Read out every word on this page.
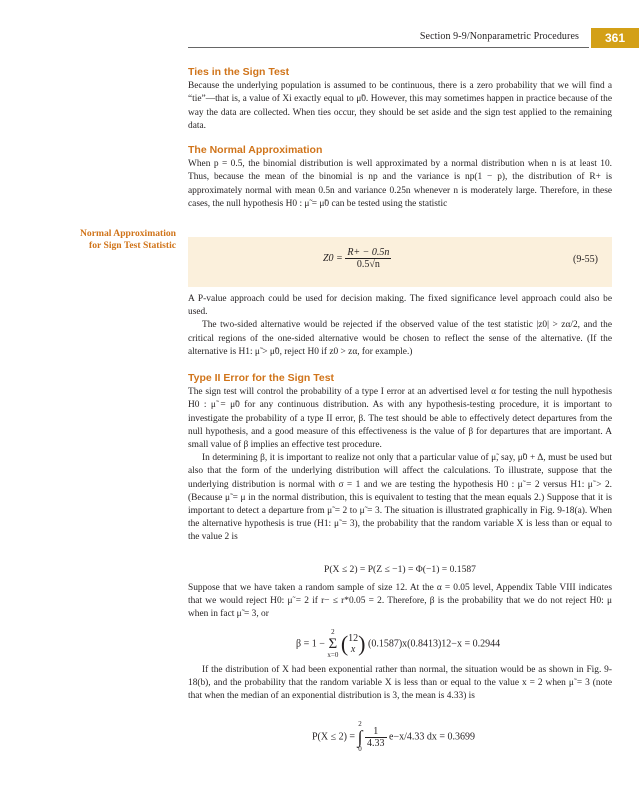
Section 9-9/Nonparametric Procedures	361
Ties in the Sign Test

Because the underlying population is assumed to be continuous, there is a zero probability that we will find a “tie”—that is, a value of Xi exactly equal to μ̃0. However, this may sometimes happen in practice because of the way the data are collected. When ties occur, they should be set aside and the sign test applied to the remaining data.

The Normal Approximation

When p = 0.5, the binomial distribution is well approximated by a normal distribution when n is at least 10. Thus, because the mean of the binomial is np and the variance is np(1 − p), the distribution of R+ is approximately normal with mean 0.5n and variance 0.25n whenever n is moderately large. Therefore, in these cases, the null hypothesis H0 : μ̃ = μ̃0 can be tested using the statistic

Normal Approximation
for Sign Test Statistic
$Z0 = \frac{R+ - 0.5n}{0.5√n}$	(9-55)

A P-value approach could be used for decision making. The fixed significance level approach could also be used.

The two-sided alternative would be rejected if the observed value of the test statistic |z0| > zα/2, and the critical regions of the one-sided alternative would be chosen to reflect the sense of the alternative. (If the alternative is H1: μ̃ > μ̃0, reject H0 if z0 > zα, for example.)

Type II Error for the Sign Test

The sign test will control the probability of a type I error at an advertised level α for testing the null hypothesis H0 : μ̃ = μ̃0 for any continuous distribution. As with any hypothesis-testing procedure, it is important to investigate the probability of a type II error, β. The test should be able to effectively detect departures from the null hypothesis, and a good measure of this effectiveness is the value of β for departures that are important. A small value of β implies an effective test procedure.

In determining β, it is important to realize not only that a particular value of μ̃, say, μ̃0 + Δ, must be used but also that the form of the underlying distribution will affect the calculations. To illustrate, suppose that the underlying distribution is normal with σ = 1 and we are testing the hypothesis H0 : μ̃ = 2 versus H1: μ̃ > 2. (Because μ̃ = μ in the normal distribution, this is equivalent to testing that the mean equals 2.) Suppose that it is important to detect a departure from μ̃ = 2 to μ̃ = 3. The situation is illustrated graphically in Fig. 9-18(a). When the alternative hypothesis is true (H1: μ̃ = 3), the probability that the random variable X is less than or equal to the value 2 is

P(X ≤ 2) = P(Z ≤ −1) = Φ(−1) = 0.1587

Suppose that we have taken a random sample of size 12. At the α = 0.05 level, Appendix Table VIII indicates that we would reject H0: μ̃ = 2 if r− ≤ r*0.05 = 2. Therefore, β is the probability that we do not reject H0: μ when in fact μ̃ = 3, or

β = 1 −
2
Σ
x=0 ( 12
x ) (0.1587)x(0.8413)12−x = 0.2944

If the distribution of X had been exponential rather than normal, the situation would be as shown in Fig. 9-18(b), and the probability that the random variable X is less than or equal to the value x = 2 when μ̃ = 3 (note that when the median of an exponential distribution is 3, the mean is 4.33) is

P(X ≤ 2) =
2
∫
0

$\frac{1}{4.33} e-x/4.33$ dx = 0.3699
